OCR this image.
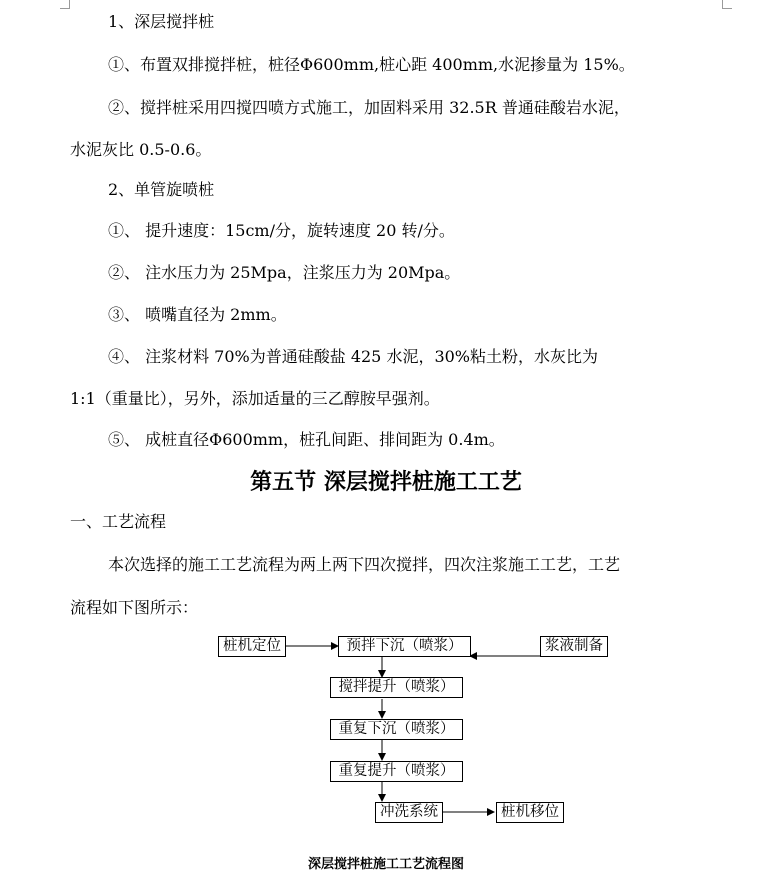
1、深层搅拌桩
①、布置双排搅拌桩，桩径Φ600mm,桩心距 400mm,水泥掺量为 15%。
②、搅拌桩采用四搅四喷方式施工，加固料采用 32.5R 普通硅酸岩水泥，
水泥灰比 0.5-0.6。
2、单管旋喷桩
①、 提升速度：15cm/分，旋转速度 20 转/分。
②、 注水压力为 25Mpa，注浆压力为 20Mpa。
③、 喷嘴直径为 2mm。
④、 注浆材料 70%为普通硅酸盐 425 水泥，30%粘土粉，水灰比为
1:1（重量比），另外，添加适量的三乙醇胺早强剂。
⑤、 成桩直径Φ600mm，桩孔间距、排间距为 0.4m。
第五节 深层搅拌桩施工工艺
一、工艺流程
本次选择的施工工艺流程为两上两下四次搅拌，四次注浆施工工艺，工艺
流程如下图所示：
桩机定位	预拌下沉（喷浆）	浆液制备
搅拌提升（喷浆）
重复下沉（喷浆）
重复提升（喷浆）
冲洗系统	桩机移位
深层搅拌桩施工工艺流程图
